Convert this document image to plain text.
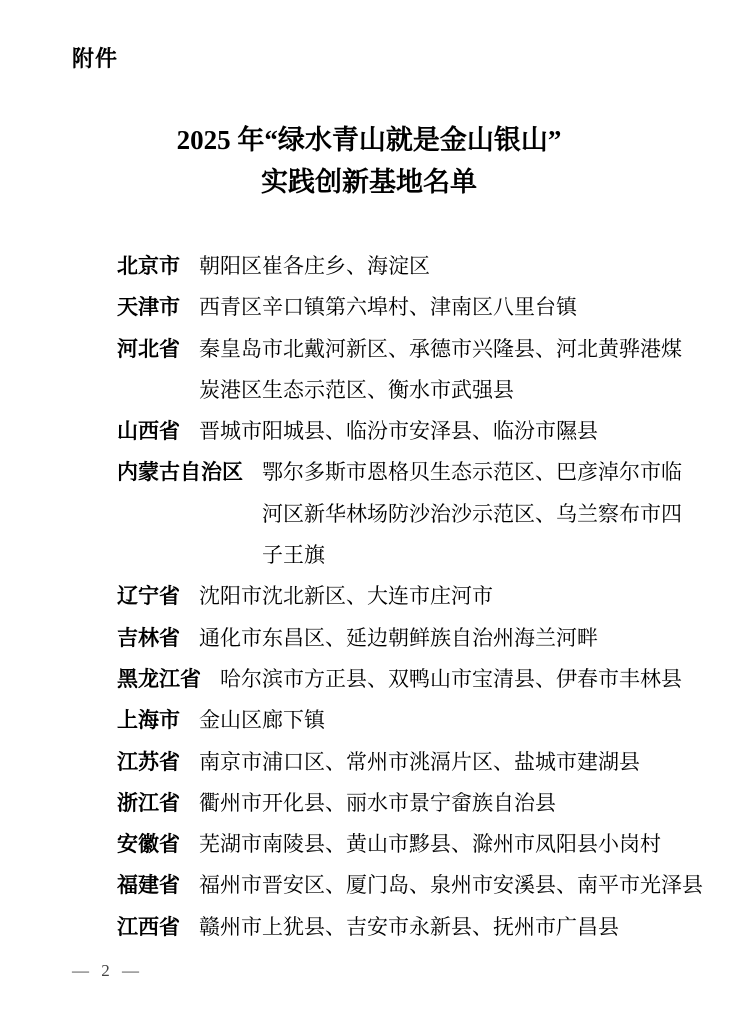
附件
2025 年“绿水青山就是金山银山”
实践创新基地名单
北京市 朝阳区崔各庄乡、海淀区
天津市 西青区辛口镇第六埠村、津南区八里台镇
河北省 秦皇岛市北戴河新区、承德市兴隆县、河北黄骅港煤
炭港区生态示范区、衡水市武强县
山西省 晋城市阳城县、临汾市安泽县、临汾市隰县
内蒙古自治区 鄂尔多斯市恩格贝生态示范区、巴彦淖尔市临
河区新华林场防沙治沙示范区、乌兰察布市四
子王旗
辽宁省 沈阳市沈北新区、大连市庄河市
吉林省 通化市东昌区、延边朝鲜族自治州海兰河畔
黑龙江省 哈尔滨市方正县、双鸭山市宝清县、伊春市丰林县
上海市 金山区廊下镇
江苏省 南京市浦口区、常州市洮滆片区、盐城市建湖县
浙江省 衢州市开化县、丽水市景宁畲族自治县
安徽省 芜湖市南陵县、黄山市黟县、滁州市凤阳县小岗村
福建省 福州市晋安区、厦门岛、泉州市安溪县、南平市光泽县
江西省 赣州市上犹县、吉安市永新县、抚州市广昌县
— 2 —
